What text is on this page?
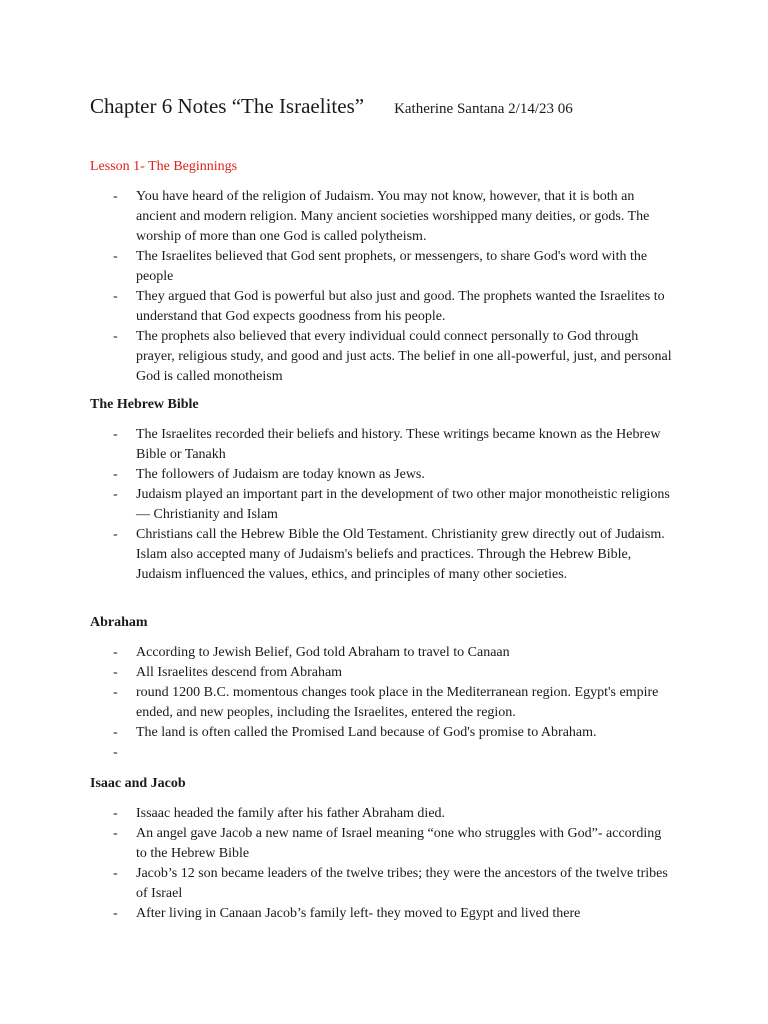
Chapter 6 Notes “The Israelites” Katherine Santana 2/14/23 06
Lesson 1- The Beginnings
- You have heard of the religion of Judaism. You may not know, however, that it is both an ancient and modern religion. Many ancient societies worshipped many deities, or gods. The worship of more than one God is called polytheism.
- The Israelites believed that God sent prophets, or messengers, to share God's word with the people
- They argued that God is powerful but also just and good. The prophets wanted the Israelites to understand that God expects goodness from his people.
- The prophets also believed that every individual could connect personally to God through prayer, religious study, and good and just acts. The belief in one all-powerful, just, and personal God is called monotheism
The Hebrew Bible
- The Israelites recorded their beliefs and history. These writings became known as the Hebrew Bible or Tanakh
- The followers of Judaism are today known as Jews.
- Judaism played an important part in the development of two other major monotheistic religions— Christianity and Islam
- Christians call the Hebrew Bible the Old Testament. Christianity grew directly out of Judaism. Islam also accepted many of Judaism's beliefs and practices. Through the Hebrew Bible, Judaism influenced the values, ethics, and principles of many other societies.
Abraham
- According to Jewish Belief, God told Abraham to travel to Canaan
- All Israelites descend from Abraham
- round 1200 B.C. momentous changes took place in the Mediterranean region. Egypt's empire ended, and new peoples, including the Israelites, entered the region.
- The land is often called the Promised Land because of God's promise to Abraham.
-
Isaac and Jacob
- Issaac headed the family after his father Abraham died.
- An angel gave Jacob a new name of Israel meaning “one who struggles with God”- according to the Hebrew Bible
- Jacob’s 12 son became leaders of the twelve tribes; they were the ancestors of the twelve tribes of Israel
- After living in Canaan Jacob’s family left- they moved to Egypt and lived there
